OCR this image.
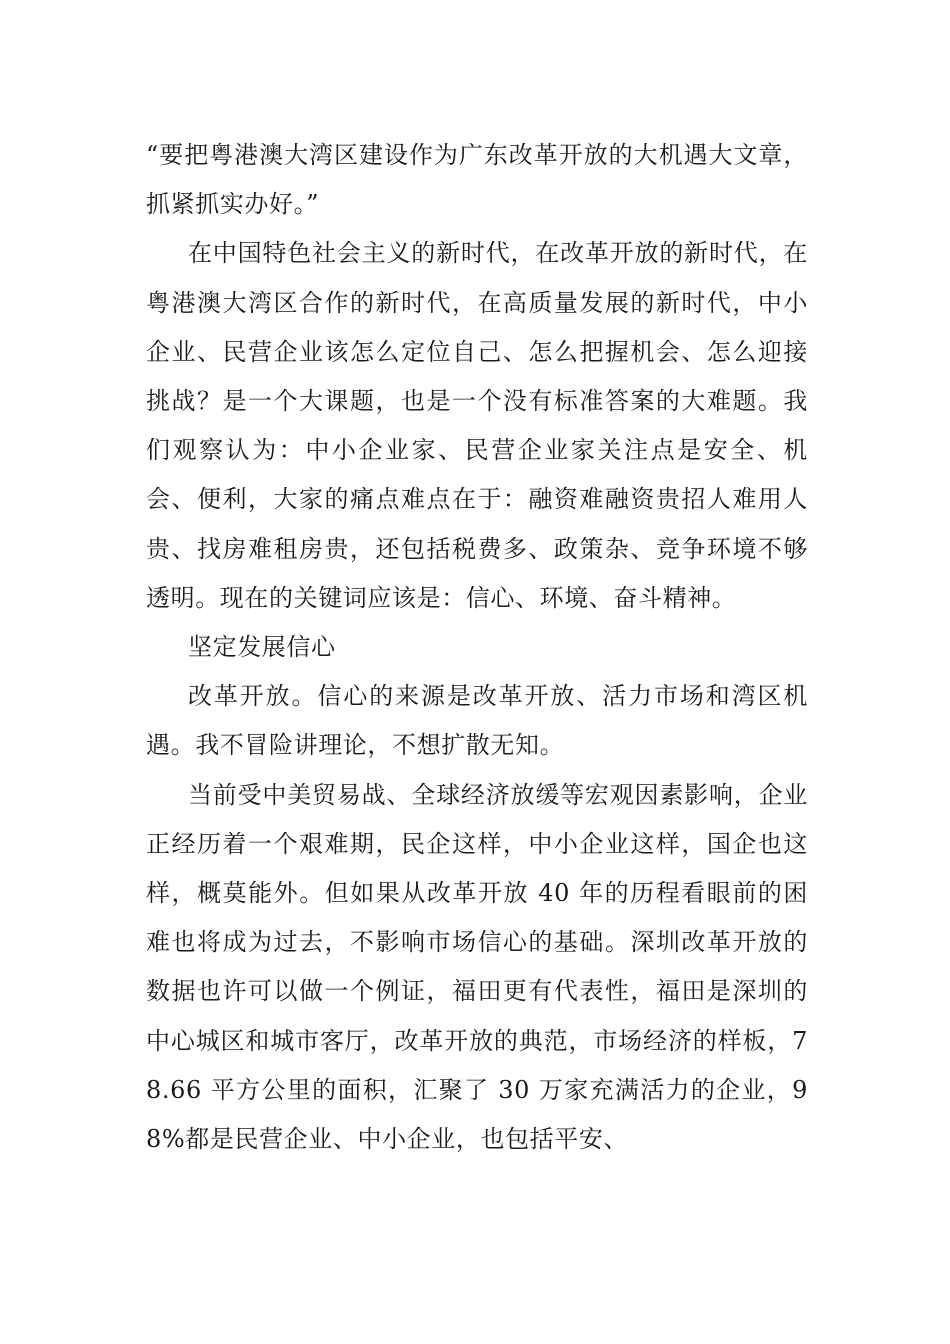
“要把粤港澳大湾区建设作为广东改革开放的大机遇大文章，抓紧抓实办好。”

在中国特色社会主义的新时代，在改革开放的新时代，在粤港澳大湾区合作的新时代，在高质量发展的新时代，中小企业、民营企业该怎么定位自己、怎么把握机会、怎么迎接挑战？是一个大课题，也是一个没有标准答案的大难题。我们观察认为：中小企业家、民营企业家关注点是安全、机会、便利，大家的痛点难点在于：融资难融资贵招人难用人贵、找房难租房贵，还包括税费多、政策杂、竞争环境不够透明。现在的关键词应该是：信心、环境、奋斗精神。

坚定发展信心

改革开放。信心的来源是改革开放、活力市场和湾区机遇。我不冒险讲理论，不想扩散无知。

当前受中美贸易战、全球经济放缓等宏观因素影响，企业正经历着一个艰难期，民企这样，中小企业这样，国企也这样，概莫能外。但如果从改革开放 40 年的历程看眼前的困难也将成为过去，不影响市场信心的基础。深圳改革开放的数据也许可以做一个例证，福田更有代表性，福田是深圳的中心城区和城市客厅，改革开放的典范，市场经济的样板，78.66 平方公里的面积，汇聚了 30 万家充满活力的企业，98%都是民营企业、中小企业，也包括平安、
